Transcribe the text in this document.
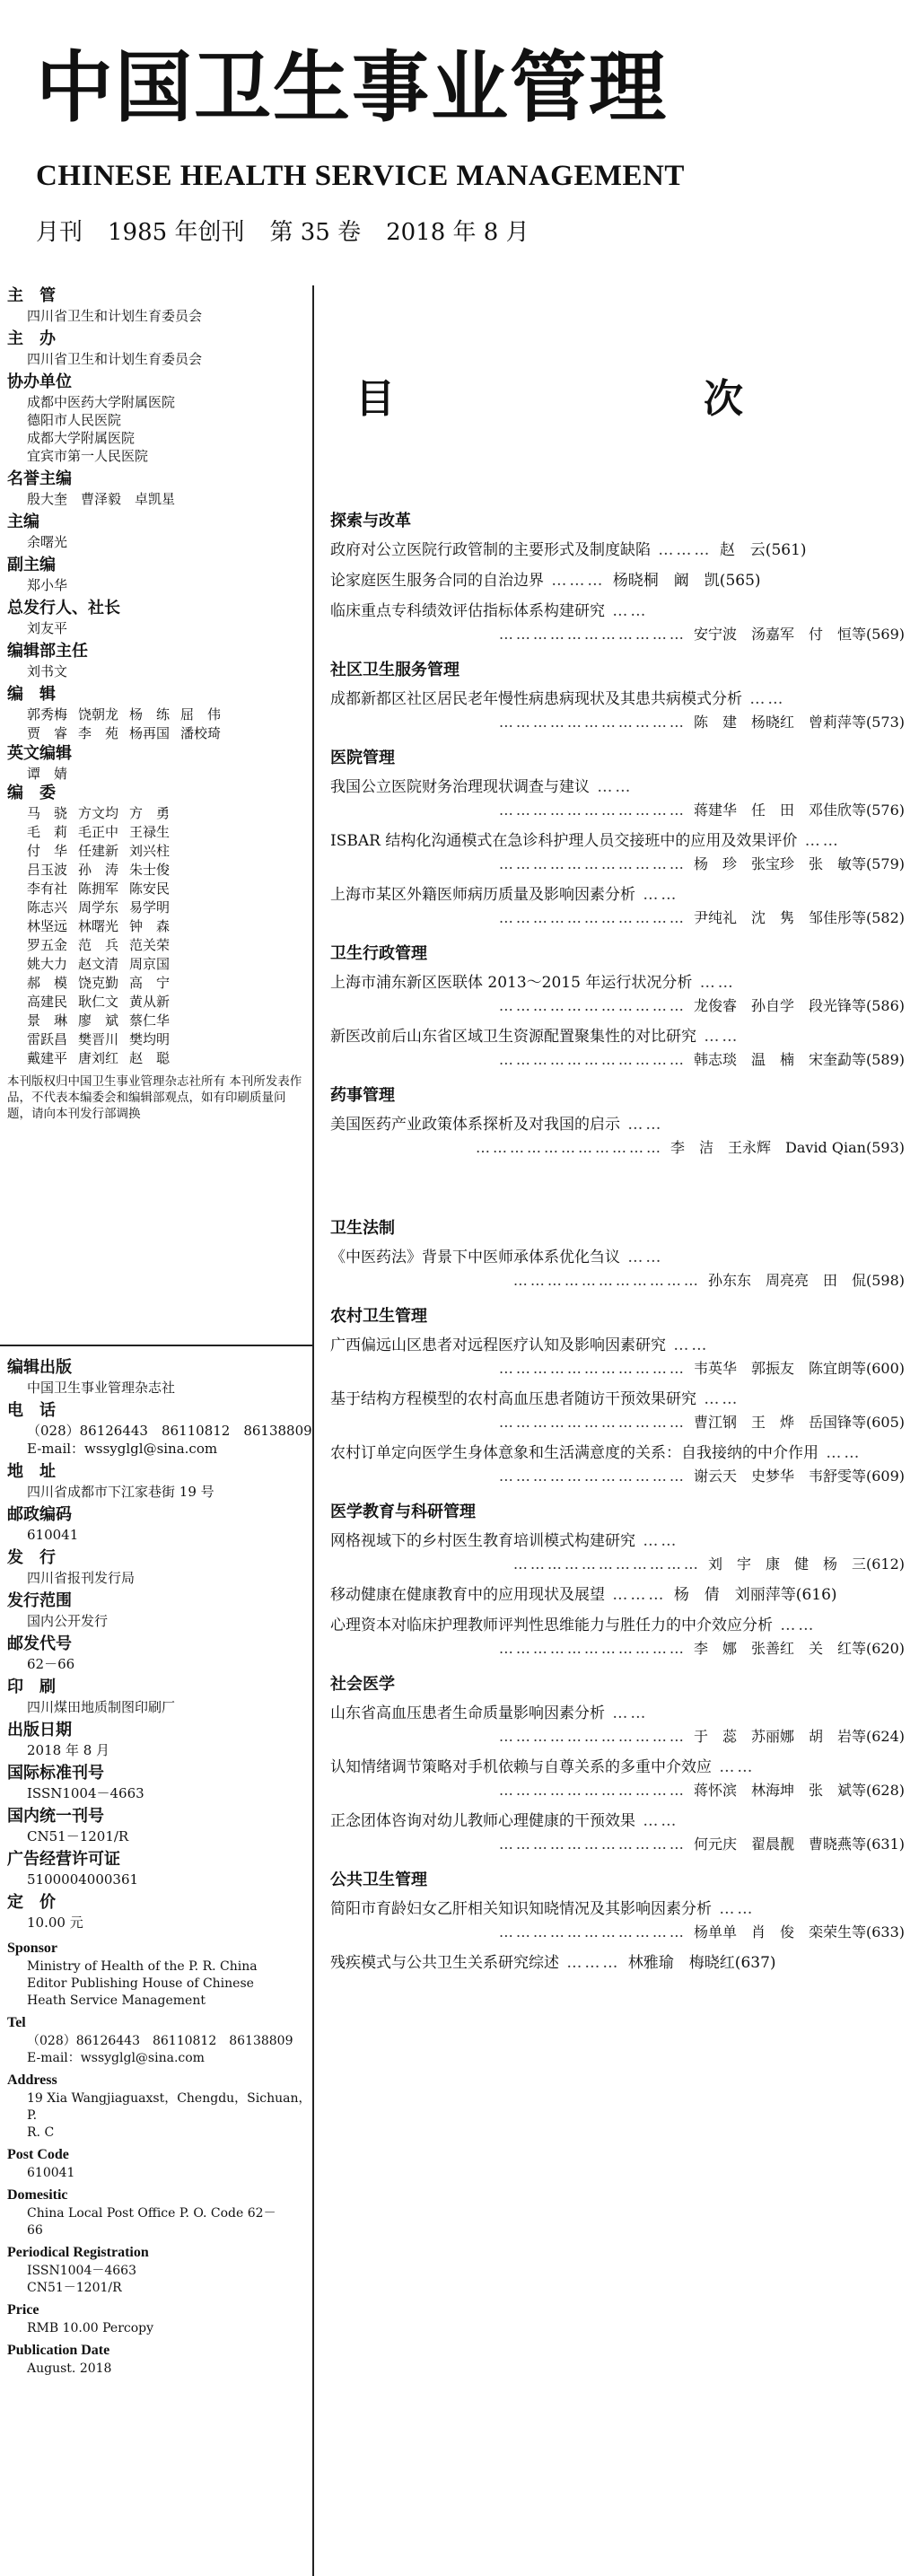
中国卫生事业管理
CHINESE HEALTH SERVICE MANAGEMENT
月刊 1985 年创刊 第 35 卷 2018 年 8 月
主　管
四川省卫生和计划生育委员会
主　办
四川省卫生和计划生育委员会
协办单位
成都中医药大学附属医院
德阳市人民医院
成都大学附属医院
宜宾市第一人民医院
名誉主编
殷大奎　曹泽毅　卓凯星
主编
余曙光
副主编
郑小华
总发行人、社长
刘友平
编辑部主任
刘书文
编　辑
郭秀梅 饶朝龙 杨　练 屈　伟
贾　睿 李　苑 杨再国 潘校琦
英文编辑
谭　婧
编　委
马　骁 方文均 方　勇
毛　莉 毛正中 王禄生
付　华 任建新 刘兴柱
吕玉波 孙　涛 朱士俊
李有社 陈拥军 陈安民
陈志兴 周学东 易学明
林坚远 林曙光 钟　森
罗五金 范　兵 范关荣
姚大力 赵文清 周京国
郝　模 饶克勤 高　宁
高建民 耿仁文 黄从新
景　琳 廖　斌 蔡仁华
雷跃昌 樊晋川 樊均明
戴建平 唐刘红 赵　聪
本刊版权归中国卫生事业管理杂志社所有 本刊所发表作品，不代表本编委会和编辑部观点，如有印刷质量问题，请向本刊发行部调换
编辑出版
中国卫生事业管理杂志社
电　话
（028）86126443　86110812　86138809
E-mail：wssyglgl@sina.com
地　址
四川省成都市下江家巷街 19 号
邮政编码
610041
发　行
四川省报刊发行局
发行范围
国内公开发行
邮发代号
62－66
印　刷
四川煤田地质制图印刷厂
出版日期
2018 年 8 月
国际标准刊号
ISSN1004－4663
国内统一刊号
CN51－1201/R
广告经营许可证
5100004000361
定　价
10.00 元
Sponsor
Ministry of Health of the P. R. China
Editor Publishing House of Chinese
Heath Service Management
Tel
（028）86126443　86110812　86138809
E-mail：wssyglgl@sina.com
Address
19 Xia Wangjiaguaxst，Chengdu，Sichuan，P.
R. C
Post Code
610041
Domesitic
China Local Post Office P. O. Code 62－
66
Periodical Registration
ISSN1004－4663
CN51－1201/R
Price
RMB 10.00 Percopy
Publication Date
August. 2018
目　次
探索与改革
政府对公立医院行政管制的主要形式及制度缺陷 ……… 赵　云(561)
论家庭医生服务合同的自治边界 ……… 杨晓桐　阚　凯(565)
临床重点专科绩效评估指标体系构建研究 ……
…………………………… 安宁波　汤嘉军　付　恒等(569)
社区卫生服务管理
成都新都区社区居民老年慢性病患病现状及其患共病模式分析 ……
…………………………… 陈　建　杨晓红　曾莉萍等(573)
医院管理
我国公立医院财务治理现状调查与建议 ……
…………………………… 蒋建华　任　田　邓佳欣等(576)
ISBAR 结构化沟通模式在急诊科护理人员交接班中的应用及效果评价 ……
…………………………… 杨　珍　张宝珍　张　敏等(579)
上海市某区外籍医师病历质量及影响因素分析 ……
…………………………… 尹纯礼　沈　隽　邹佳彤等(582)
卫生行政管理
上海市浦东新区医联体 2013～2015 年运行状况分析 ……
…………………………… 龙俊睿　孙自学　段光锋等(586)
新医改前后山东省区域卫生资源配置聚集性的对比研究 ……
…………………………… 韩志琰　温　楠　宋奎勐等(589)
药事管理
美国医药产业政策体系探析及对我国的启示 ……
…………………………… 李　洁　王永辉　David Qian(593)
卫生法制
《中医药法》背景下中医师承体系优化刍议 ……
…………………………… 孙东东　周亮亮　田　侃(598)
农村卫生管理
广西偏远山区患者对远程医疗认知及影响因素研究 ……
…………………………… 韦英华　郭振友　陈宜朗等(600)
基于结构方程模型的农村高血压患者随访干预效果研究 ……
…………………………… 曹江钢　王　烨　岳国锋等(605)
农村订单定向医学生身体意象和生活满意度的关系：自我接纳的中介作用 ……
…………………………… 谢云天　史梦华　韦舒雯等(609)
医学教育与科研管理
网格视域下的乡村医生教育培训模式构建研究 ……
…………………………… 刘　宇　康　健　杨　三(612)
移动健康在健康教育中的应用现状及展望 ……… 杨　倩　刘丽萍等(616)
心理资本对临床护理教师评判性思维能力与胜任力的中介效应分析 ……
…………………………… 李　娜　张善红　关　红等(620)
社会医学
山东省高血压患者生命质量影响因素分析 ……
…………………………… 于　蕊　苏丽娜　胡　岩等(624)
认知情绪调节策略对手机依赖与自尊关系的多重中介效应 ……
…………………………… 蒋怀滨　林海坤　张　斌等(628)
正念团体咨询对幼儿教师心理健康的干预效果 ……
…………………………… 何元庆　翟晨靓　曹晓燕等(631)
公共卫生管理
简阳市育龄妇女乙肝相关知识知晓情况及其影响因素分析 ……
…………………………… 杨单单　肖　俊　栾荣生等(633)
残疾模式与公共卫生关系研究综述 ……… 林雅瑜　梅晓红(637)
